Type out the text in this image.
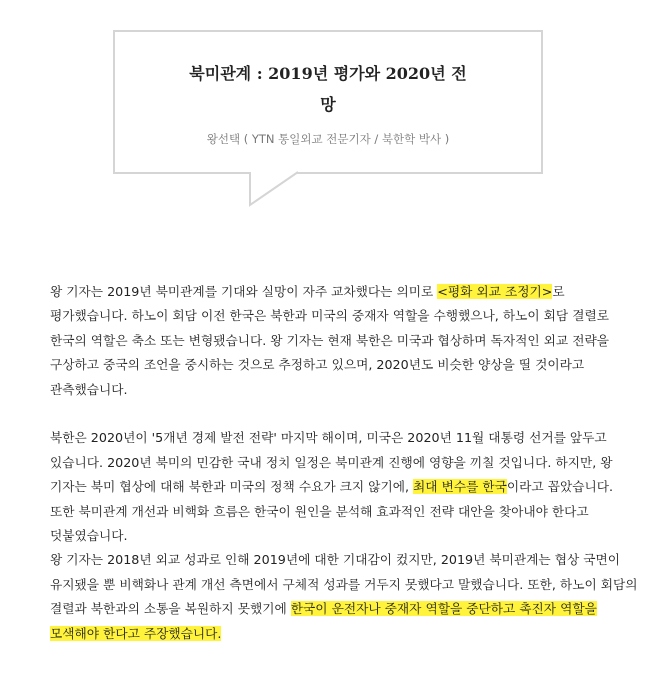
북미관계 : 2019년 평가와 2020년 전망
왕선택 ( YTN 통일외교 전문기자 / 북한학 박사 )

왕 기자는 2019년 북미관계를 기대와 실망이 자주 교차했다는 의미로 <평화 외교 조정기>로 평가했습니다. 하노이 회담 이전 한국은 북한과 미국의 중재자 역할을 수행했으나, 하노이 회담 결렬로 한국의 역할은 축소 또는 변형됐습니다. 왕 기자는 현재 북한은 미국과 협상하며 독자적인 외교 전략을 구상하고 중국의 조언을 중시하는 것으로 추정하고 있으며, 2020년도 비슷한 양상을 띨 것이라고 관측했습니다.

북한은 2020년이 '5개년 경제 발전 전략' 마지막 해이며, 미국은 2020년 11월 대통령 선거를 앞두고 있습니다. 2020년 북미의 민감한 국내 정치 일정은 북미관계 진행에 영향을 끼칠 것입니다. 하지만, 왕 기자는 북미 협상에 대해 북한과 미국의 정책 수요가 크지 않기에, 최대 변수를 한국이라고 꼽았습니다. 또한 북미관계 개선과 비핵화 흐름은 한국이 원인을 분석해 효과적인 전략 대안을 찾아내야 한다고 덧붙였습니다.

왕 기자는 2018년 외교 성과로 인해 2019년에 대한 기대감이 컸지만, 2019년 북미관계는 협상 국면이 유지됐을 뿐 비핵화나 관계 개선 측면에서 구체적 성과를 거두지 못했다고 말했습니다. 또한, 하노이 회담의 결렬과 북한과의 소통을 복원하지 못했기에 한국이 운전자나 중재자 역할을 중단하고 촉진자 역할을 모색해야 한다고 주장했습니다.
